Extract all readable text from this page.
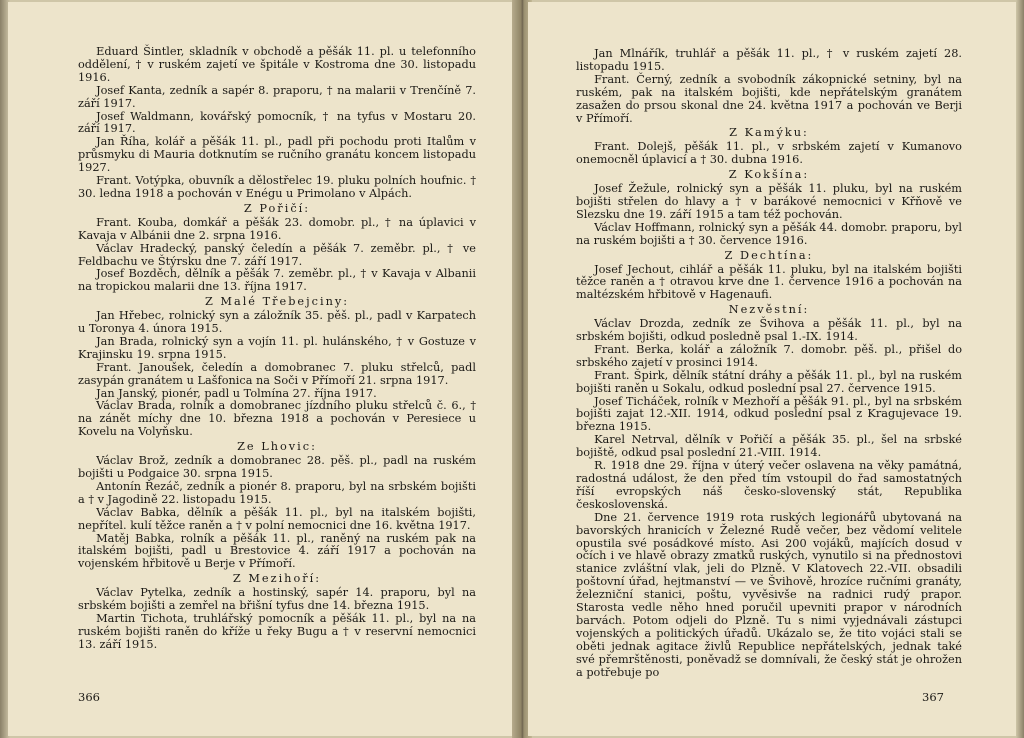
Eduard Šintler, skladník v obchodě a pěšák 11. pl. u telefonního oddělení, † v ruském zajetí ve špitále v Kostroma dne 30. listopadu 1916.

Josef Kanta, zedník a sapér 8. praporu, † na malarii v Trenčíně 7. září 1917.

Josef Waldmann, kovářský pomocník, † na tyfus v Mostaru 20. září 1917.

Jan Říha, kolář a pěšák 11. pl., padl při pochodu proti Italům v průsmyku di Mauria dotknutím se ručního granátu koncem listopadu 1927.

Frant. Votýpka, obuvník a dělostřelec 19. pluku polních houfnic. † 30. ledna 1918 a pochován v Enégu u Primolano v Alpách.

Z Pořičí:

Frant. Kouba, domkář a pěšák 23. domobr. pl., † na úplavici v Kavaja v Albánii dne 2. srpna 1916.

Václav Hradecký, panský čeledín a pěšák 7. zeměbr. pl., † ve Feldbachu ve Štýrsku dne 7. září 1917.

Josef Bozděch, dělník a pěšák 7. zeměbr. pl., † v Kavaja v Albanii na tropickou malarii dne 13. října 1917.

Z Malé Třebejciny:

Jan Hřebec, rolnický syn a záložník 35. pěš. pl., padl v Karpatech u Toronya 4. února 1915.

Jan Brada, rolnický syn a vojín 11. pl. hulánského, † v Gostuze v Krajinsku 19. srpna 1915.

Frant. Janoušek, čeledín a domobranec 7. pluku střelců, padl zasypán granátem u Lašfonica na Soči v Přímoří 21. srpna 1917.

Jan Janský, pionér, padl u Tolmína 27. října 1917.

Václav Brada, rolník a domobranec jízdního pluku střelců č. 6., † na zánět míchy dne 10. března 1918 a pochován v Peresiece u Kovelu na Volyňsku.

Ze Lhovic:

Václav Brož, zedník a domobranec 28. pěš. pl., padl na ruském bojišti u Podgaice 30. srpna 1915.

Antonín Řezáč, zedník a pionér 8. praporu, byl na srbském bojišti a † v Jagodině 22. listopadu 1915.

Václav Babka, dělník a pěšák 11. pl., byl na italském bojišti, nepřítel. kulí těžce raněn a † v polní nemocnici dne 16. května 1917.

Matěj Babka, rolník a pěšák 11. pl., raněný na ruském pak na italském bojišti, padl u Brestovice 4. září 1917 a pochován na vojenském hřbitově u Berje v Přímoří.

Z Mezihoří:

Václav Pytelka, zedník a hostinský, sapér 14. praporu, byl na srbském bojišti a zemřel na břišní tyfus dne 14. března 1915.

Martin Tichota, truhlářský pomocník a pěšák 11. pl., byl na na ruském bojišti raněn do kříže u řeky Bugu a † v reservní nemocnici 13. září 1915.

366

Jan Mlnářík, truhlář a pěšák 11. pl., † v ruském zajetí 28. listopadu 1915.

Frant. Černý, zedník a svobodník zákopnické setniny, byl na ruském, pak na italském bojišti, kde nepřátelským granátem zasažen do prsou skonal dne 24. května 1917 a pochován ve Berji v Přímoří.

Z Kamýku:

Frant. Dolejš, pěšák 11. pl., v srbském zajetí v Kumanovo onemocněl úplavicí a † 30. dubna 1916.

Z Kokšína:

Josef Žežule, rolnický syn a pěšák 11. pluku, byl na ruském bojišti střelen do hlavy a † v barákové nemocnici v Křňově ve Slezsku dne 19. září 1915 a tam též pochován.

Václav Hoffmann, rolnický syn a pěšák 44. domobr. praporu, byl na ruském bojišti a † 30. července 1916.

Z Dechtína:

Josef Jechout, cihlář a pěšák 11. pluku, byl na italském bojišti těžce raněn a † otravou krve dne 1. července 1916 a pochován na maltézském hřbitově v Hagenaufi.

Nezvěstní:

Václav Drozda, zedník ze Švihova a pěšák 11. pl., byl na srbském bojišti, odkud posledně psal 1.-IX. 1914.

Frant. Berka, kolář a záložník 7. domobr. pěš. pl., přišel do srbského zajetí v prosinci 1914.

Frant. Špirk, dělník státní dráhy a pěšák 11. pl., byl na ruském bojišti raněn u Sokalu, odkud poslední psal 27. července 1915.

Josef Ticháček, rolník v Mezhoří a pěšák 91. pl., byl na srbském bojišti zajat 12.-XII. 1914, odkud poslední psal z Kragujevace 19. března 1915.

Karel Netrval, dělník v Pořičí a pěšák 35. pl., šel na srbské bojiště, odkud psal poslední 21.-VIII. 1914.

R. 1918 dne 29. října v úterý večer oslavena na věky památná, radostná událost, že den před tím vstoupil do řad samostatných říší evropských náš česko-slovenský stát, Republika československá.

Dne 21. července 1919 rota ruských legionářů ubytovaná na bavorských hranicích v Železné Rudě večer, bez vědomí velitele opustila své posádkové místo. Asi 200 vojáků, majících dosud v očích i ve hlavě obrazy zmatků ruských, vynutilo si na přednostovi stanice zvláštní vlak, jeli do Plzně. V Klatovech 22.-VII. obsadili poštovní úřad, hejtmanství — ve Švihově, hrozíce ručními granáty, železniční stanici, poštu, vyvěsivše na radnici rudý prapor. Starosta vedle něho hned poručil upevniti prapor v národních barvách. Potom odjeli do Plzně. Tu s nimi vyjednávali zástupci vojenských a politických úřadů. Ukázalo se, že tito vojáci stali se oběti jednak agitace živlů Republice nepřátelských, jednak také své přemrštěnosti, poněvadž se domnívali, že český stát je ohrožen a potřebuje po

367
